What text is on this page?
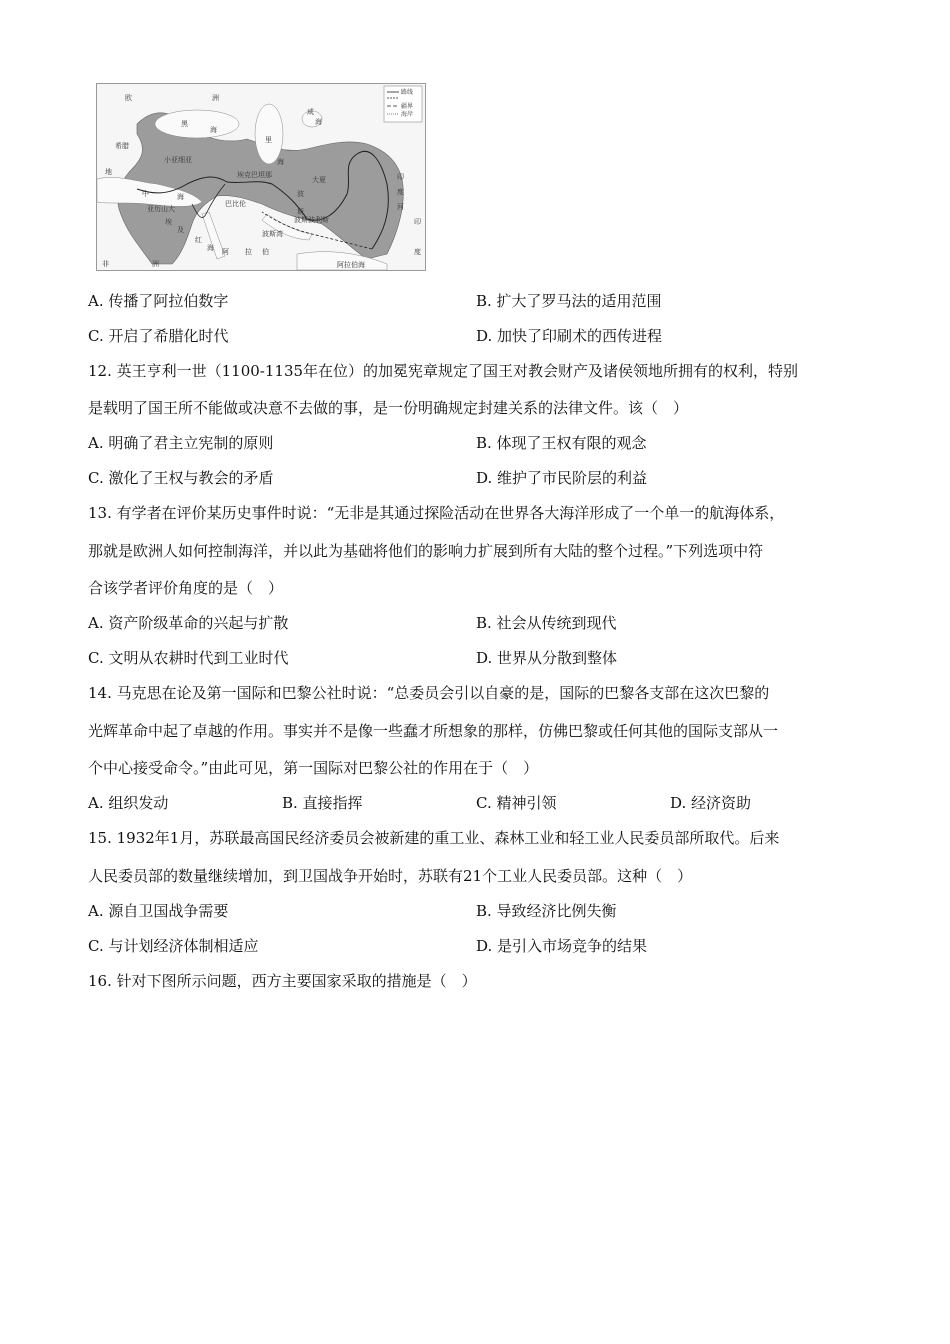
路线
疆界
海岸
欧	洲
黑
海
里
海
咸
海
希腊
小亚细亚
地
中	海
埃克巴坦那
波
斯
大夏
亚历山大
巴比伦
波斯波利斯
埃
及
红
海 阿 拉 伯
波斯湾
印
度
河
印
度
非	洲	阿拉伯海
A. 传播了阿拉伯数字	B. 扩大了罗马法的适用范围
C. 开启了希腊化时代	D. 加快了印刷术的西传进程
12. 英王亨利一世（1100-1135年在位）的加冕宪章规定了国王对教会财产及诸侯领地所拥有的权利，特别
是载明了国王所不能做或决意不去做的事，是一份明确规定封建关系的法律文件。该（　）
A. 明确了君主立宪制的原则	B. 体现了王权有限的观念
C. 激化了王权与教会的矛盾	D. 维护了市民阶层的利益
13. 有学者在评价某历史事件时说：“无非是其通过探险活动在世界各大海洋形成了一个单一的航海体系，
那就是欧洲人如何控制海洋，并以此为基础将他们的影响力扩展到所有大陆的整个过程。”下列选项中符
合该学者评价角度的是（　）
A. 资产阶级革命的兴起与扩散	B. 社会从传统到现代
C. 文明从农耕时代到工业时代	D. 世界从分散到整体
14. 马克思在论及第一国际和巴黎公社时说：“总委员会引以自豪的是，国际的巴黎各支部在这次巴黎的
光辉革命中起了卓越的作用。事实并不是像一些蠢才所想象的那样，仿佛巴黎或任何其他的国际支部从一
个中心接受命令。”由此可见，第一国际对巴黎公社的作用在于（　）
A. 组织发动	B. 直接指挥	C. 精神引领	D. 经济资助
15. 1932年1月，苏联最高国民经济委员会被新建的重工业、森林工业和轻工业人民委员部所取代。后来
人民委员部的数量继续增加，到卫国战争开始时，苏联有21个工业人民委员部。这种（　）
A. 源自卫国战争需要	B. 导致经济比例失衡
C. 与计划经济体制相适应	D. 是引入市场竞争的结果
16. 针对下图所示问题，西方主要国家采取的措施是（　）
